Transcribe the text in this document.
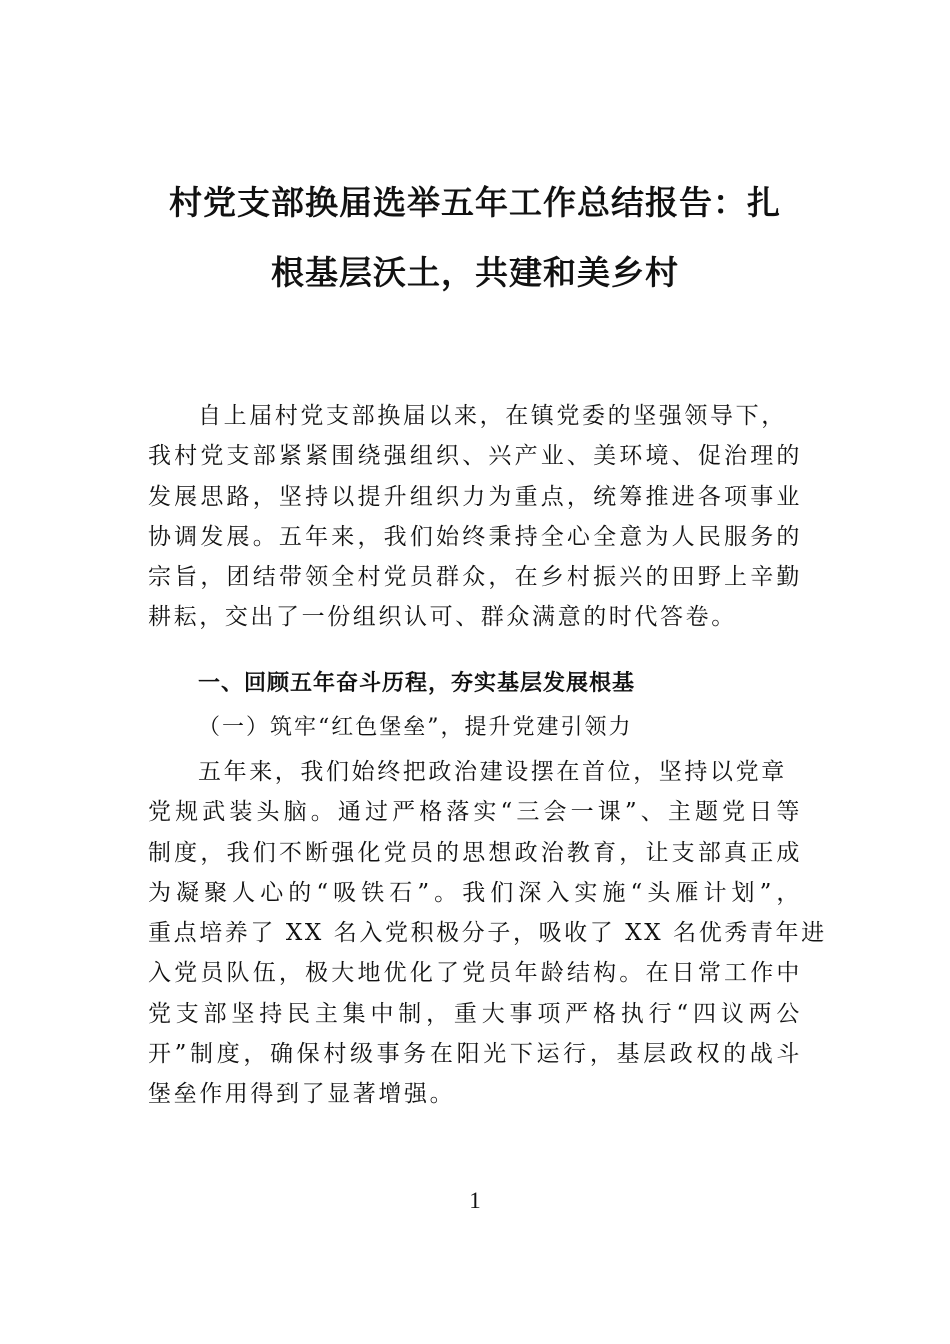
村党支部换届选举五年工作总结报告：扎
根基层沃土，共建和美乡村
自上届村党支部换届以来，在镇党委的坚强领导下，
我村党支部紧紧围绕强组织、兴产业、美环境、促治理的
发展思路，坚持以提升组织力为重点，统筹推进各项事业
协调发展。五年来，我们始终秉持全心全意为人民服务的
宗旨，团结带领全村党员群众，在乡村振兴的田野上辛勤
耕耘，交出了一份组织认可、群众满意的时代答卷。
一、回顾五年奋斗历程，夯实基层发展根基
（一）筑牢“红色堡垒”，提升党建引领力
五年来，我们始终把政治建设摆在首位，坚持以党章
党规武装头脑。通过严格落实“三会一课”、主题党日等
制度，我们不断强化党员的思想政治教育，让支部真正成
为凝聚人心的“吸铁石”。我们深入实施“头雁计划”，
重点培养了 XX 名入党积极分子，吸收了 XX 名优秀青年进
入党员队伍，极大地优化了党员年龄结构。在日常工作中
党支部坚持民主集中制，重大事项严格执行“四议两公
开”制度，确保村级事务在阳光下运行，基层政权的战斗
堡垒作用得到了显著增强。
1
